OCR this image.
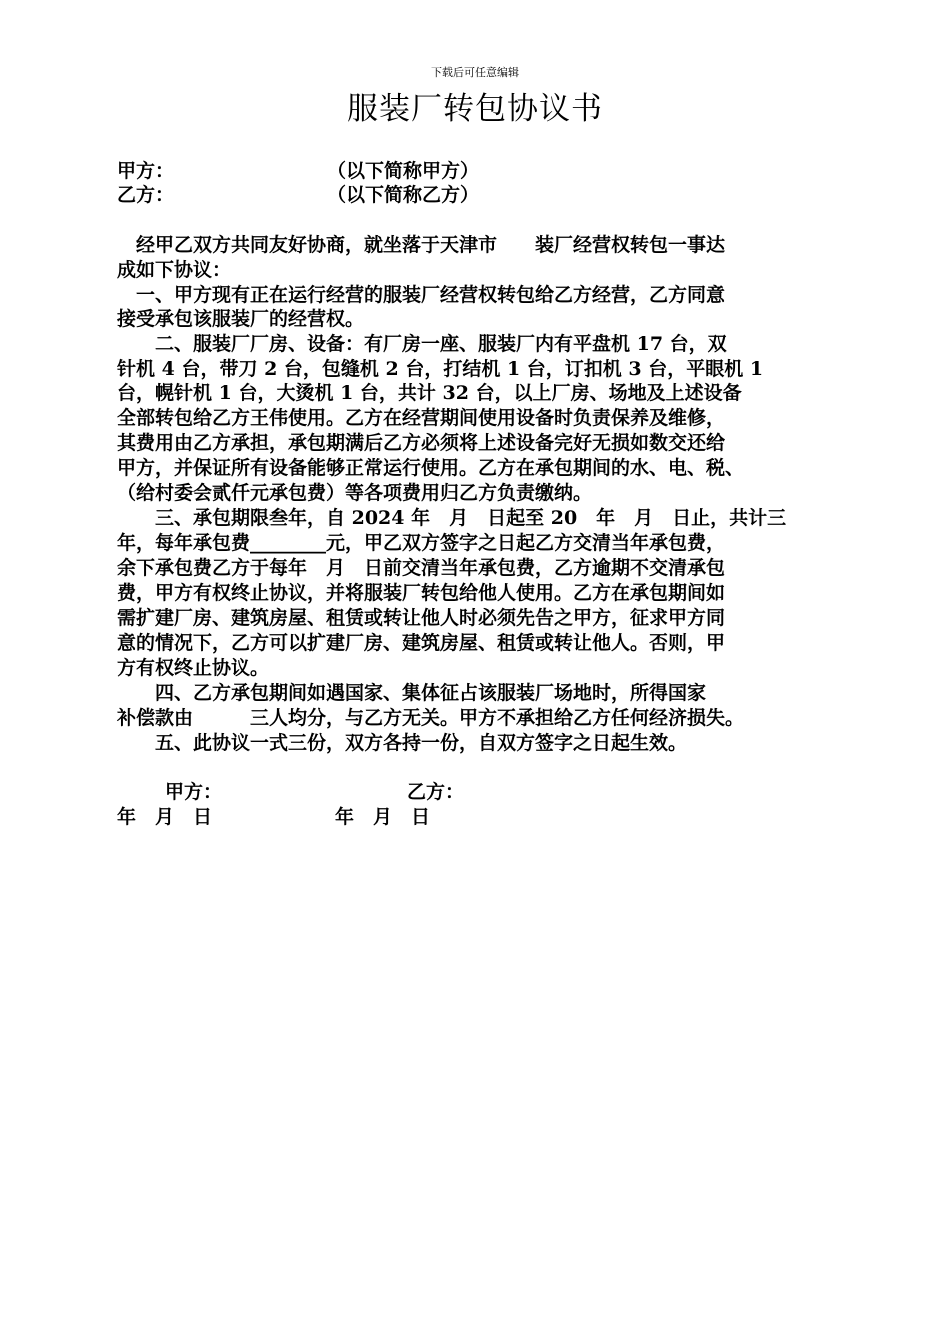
下载后可任意编辑
服装厂转包协议书
甲方：	（以下简称甲方）
乙方：	（以下简称乙方）
　经甲乙双方共同友好协商，就坐落于天津市　　装厂经营权转包一事达
成如下协议：
　一、甲方现有正在运行经营的服装厂经营权转包给乙方经营，乙方同意
接受承包该服装厂的经营权。
　　二、服装厂厂房、设备：有厂房一座、服装厂内有平盘机 17 台，双
针机 4 台，带刀 2 台，包缝机 2 台，打结机 1 台，订扣机 3 台，平眼机 1
台，幌针机 1 台，大烫机 1 台，共计 32 台，以上厂房、场地及上述设备
全部转包给乙方王伟使用。乙方在经营期间使用设备时负责保养及维修，
其费用由乙方承担，承包期满后乙方必须将上述设备完好无损如数交还给
甲方，并保证所有设备能够正常运行使用。乙方在承包期间的水、电、税、
（给村委会贰仟元承包费）等各项费用归乙方负责缴纳。
　　三、承包期限叁年，自 2024 年　月　日起至 20　年　月　日止，共计三
年，每年承包费________元，甲乙双方签字之日起乙方交清当年承包费，
余下承包费乙方于每年　月　日前交清当年承包费，乙方逾期不交清承包
费，甲方有权终止协议，并将服装厂转包给他人使用。乙方在承包期间如
需扩建厂房、建筑房屋、租赁或转让他人时必须先告之甲方，征求甲方同
意的情况下，乙方可以扩建厂房、建筑房屋、租赁或转让他人。否则，甲
方有权终止协议。
　　四、乙方承包期间如遇国家、集体征占该服装厂场地时，所得国家
补偿款由　　　三人均分，与乙方无关。甲方不承担给乙方任何经济损失。
　　五、此协议一式三份，双方各持一份，自双方签字之日起生效。
甲方：	乙方：
年　月　日	年　月　日
